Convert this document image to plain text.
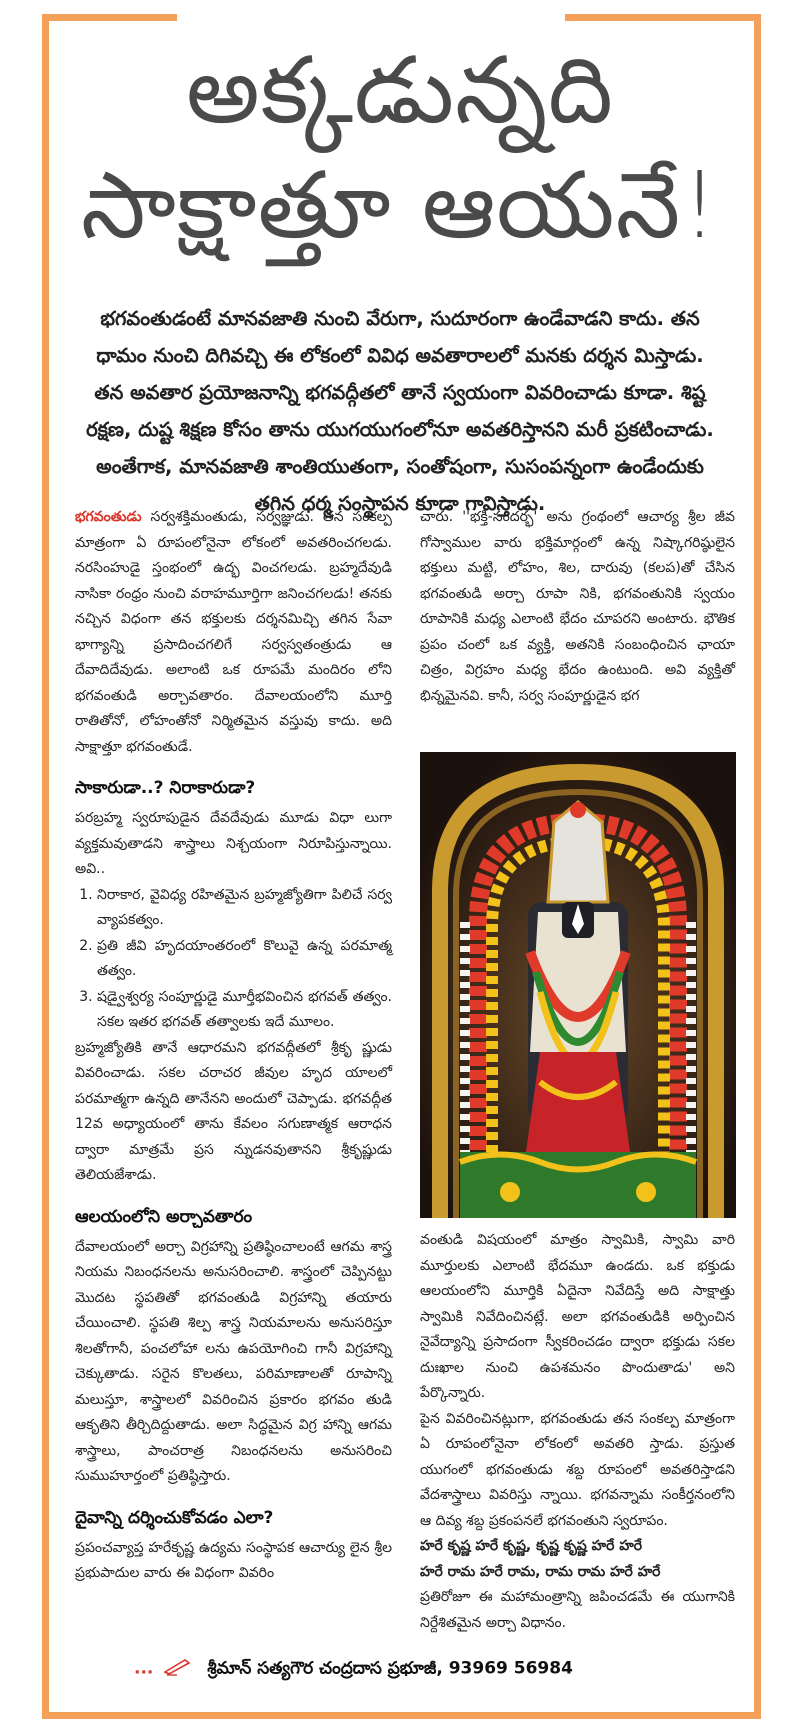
అక్కడున్నది
సాక్షాత్తూ ఆయనే!
భగవంతుడంటే మానవజాతి నుంచి వేరుగా, సుదూరంగా ఉండేవాడని కాదు. తన ధామం నుంచి దిగివచ్చి ఈ లోకంలో వివిధ అవతారాలలో మనకు దర్శన మిస్తాడు. తన అవతార ప్రయోజనాన్ని భగవద్గీతలో తానే స్వయంగా వివరించాడు కూడా. శిష్ట రక్షణ, దుష్ట శిక్షణ కోసం తాను యుగయుగంలోనూ అవతరిస్తానని మరీ ప్రకటించాడు. అంతేగాక, మానవజాతి శాంతియుతంగా, సంతోషంగా, సుసంపన్నంగా ఉండేందుకు తగిన ధర్మ సంస్థాపన కూడా గావిస్తాడు.

భగవంతుడు సర్వశక్తిమంతుడు, సర్వజ్ఞుడు. తన సంకల్ప మాత్రంగా ఏ రూపంలోనైనా లోకంలో అవతరించగలడు. నరసింహుడై స్తంభంలో ఉద్భ వించగలడు. బ్రహ్మదేవుడి నాసికా రంధ్రం నుంచి వరాహమూర్తిగా జనించగలడు! తనకు నచ్చిన విధంగా తన భక్తులకు దర్శనమిచ్చి తగిన సేవా భాగ్యాన్ని ప్రసాదించగలిగే సర్వస్వతంత్రుడు ఆ దేవాదిదేవుడు. అలాంటి ఒక రూపమే మందిరం లోని భగవంతుడి అర్చావతారం. దేవాలయంలోని మూర్తి రాతితోనో, లోహంతోనో నిర్మితమైన వస్తువు కాదు. అది సాక్షాత్తూ భగవంతుడే.

సాకారుడా..? నిరాకారుడా?

పరబ్రహ్మ స్వరూపుడైన దేవదేవుడు మూడు విధా లుగా వ్యక్తమవుతాడని శాస్త్రాలు నిశ్చయంగా నిరూపిస్తున్నాయి. అవి..

1. నిరాకార, వైవిధ్య రహితమైన బ్రహ్మజ్యోతిగా పిలిచే సర్వ వ్యాపకత్వం.
2. ప్రతి జీవి హృదయాంతరంలో కొలువై ఉన్న పరమాత్మ తత్వం.
3. షడ్వైశ్వర్య సంపూర్ణుడై మూర్తీభవించిన భగవత్ తత్వం. సకల ఇతర భగవత్ తత్వాలకు ఇదే మూలం.

బ్రహ్మజ్యోతికి తానే ఆధారమని భగవద్గీతలో శ్రీకృ ష్ణుడు వివరించాడు. సకల చరాచర జీవుల హృద యాలలో పరమాత్మగా ఉన్నది తానేనని అందులో చెప్పాడు. భగవద్గీత 12వ అధ్యాయంలో తాను కేవలం సగుణాత్మక ఆరాధన ద్వారా మాత్రమే ప్రస న్నుడనవుతానని శ్రీకృష్ణుడు తెలియజేశాడు.

ఆలయంలోని అర్చావతారం

దేవాలయంలో అర్చా విగ్రహాన్ని ప్రతిష్ఠించాలంటే ఆగమ శాస్త్ర నియమ నిబంధనలను అనుసరించాలి. శాస్త్రంలో చెప్పినట్టు మొదట స్థపతితో భగవంతుడి విగ్రహాన్ని తయారు చేయించాలి. స్థపతి శిల్ప శాస్త్ర నియమాలను అనుసరిస్తూ శిలతోగానీ, పంచలోహా లను ఉపయోగించి గానీ విగ్రహాన్ని చెక్కుతాడు. సరైన కొలతలు, పరిమాణాలతో రూపాన్ని మలుస్తూ, శాస్త్రాలలో వివరించిన ప్రకారం భగవం తుడి ఆకృతిని తీర్చిదిద్దుతాడు. అలా సిద్ధమైన విగ్ర హాన్ని ఆగమ శాస్త్రాలు, పాంచరాత్ర నిబంధనలను అనుసరించి సుముహూర్తంలో ప్రతిష్ఠిస్తారు.

దైవాన్ని దర్శించుకోవడం ఎలా?

ప్రపంచవ్యాప్త హరేకృష్ణ ఉద్యమ సంస్థాపక ఆచార్యు లైన శ్రీల ప్రభుపాదుల వారు ఈ విధంగా వివరిం

చారు. ''భక్తి-సందర్భ' అను గ్రంథంలో ఆచార్య శ్రీల జీవ గోస్వాముల వారు భక్తిమార్గంలో ఉన్న నిష్కాగరిష్ఠులైన భక్తులు మట్టి, లోహం, శిల, దారువు (కలప)తో చేసిన భగవంతుడి అర్చా రూపా నికి, భగవంతునికి స్వయం రూపానికి మధ్య ఎలాంటి భేదం చూపరని అంటారు. భౌతిక ప్రపం చంలో ఒక వ్యక్తి, అతనికి సంబంధించిన ఛాయా చిత్రం, విగ్రహం మధ్య భేదం ఉంటుంది. అవి వ్యక్తితో భిన్నమైనవి. కానీ, సర్వ సంపూర్ణుడైన భగ

వంతుడి విషయంలో మాత్రం స్వామికి, స్వామి వారి మూర్తులకు ఎలాంటి భేదమూ ఉండదు. ఒక భక్తుడు ఆలయంలోని మూర్తికి ఏదైనా నివేదిస్తే అది సాక్షాత్తు స్వామికి నివేదించినట్లే. అలా భగవంతుడికి అర్పించిన నైవేద్యాన్ని ప్రసాదంగా స్వీకరించడం ద్వారా భక్తుడు సకల దుఃఖాల నుంచి ఉపశమనం పొందుతాడు' అని పేర్కొన్నారు.

పైన వివరించినట్లుగా, భగవంతుడు తన సంకల్ప మాత్రంగా ఏ రూపంలోనైనా లోకంలో అవతరి స్తాడు. ప్రస్తుత యుగంలో భగవంతుడు శబ్ద రూపంలో అవతరిస్తాడని వేదశాస్త్రాలు వివరిస్తు న్నాయి. భగవన్నామ సంకీర్తనంలోని ఆ దివ్య శబ్ద ప్రకంపనలే భగవంతుని స్వరూపం.

హరే కృష్ణ హరే కృష్ణ, కృష్ణ కృష్ణ హరే హరే

హరే రామ హరే రామ, రామ రామ హరే హరే

ప్రతిరోజూ ఈ మహామంత్రాన్ని జపించడమే ఈ యుగానికి నిర్దేశితమైన అర్చా విధానం.

...	శ్రీమాన్ సత్యగౌర చంద్రదాస ప్రభూజీ, 93969 56984
